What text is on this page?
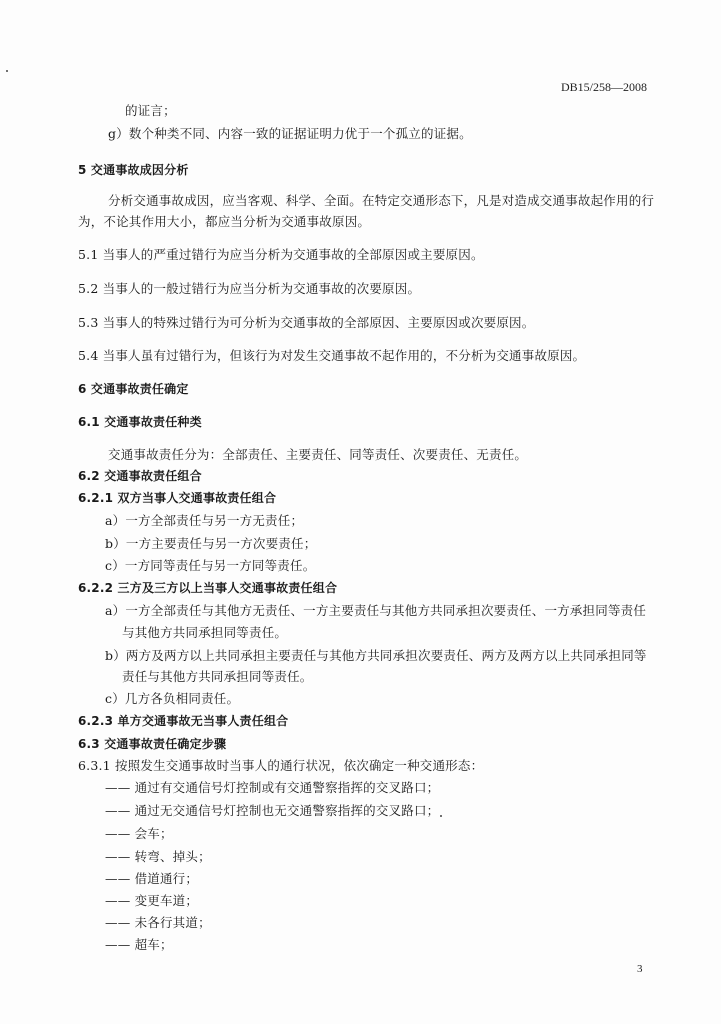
DB15/258—2008
的证言；
g）数个种类不同、内容一致的证据证明力优于一个孤立的证据。
5 交通事故成因分析
分析交通事故成因，应当客观、科学、全面。在特定交通形态下，凡是对造成交通事故起作用的行
为，不论其作用大小，都应当分析为交通事故原因。
5.1 当事人的严重过错行为应当分析为交通事故的全部原因或主要原因。
5.2 当事人的一般过错行为应当分析为交通事故的次要原因。
5.3 当事人的特殊过错行为可分析为交通事故的全部原因、主要原因或次要原因。
5.4 当事人虽有过错行为，但该行为对发生交通事故不起作用的，不分析为交通事故原因。
6 交通事故责任确定
6.1 交通事故责任种类
交通事故责任分为：全部责任、主要责任、同等责任、次要责任、无责任。
6.2 交通事故责任组合
6.2.1 双方当事人交通事故责任组合
a）一方全部责任与另一方无责任；
b）一方主要责任与另一方次要责任；
c）一方同等责任与另一方同等责任。
6.2.2 三方及三方以上当事人交通事故责任组合
a）一方全部责任与其他方无责任、一方主要责任与其他方共同承担次要责任、一方承担同等责任
与其他方共同承担同等责任。
b）两方及两方以上共同承担主要责任与其他方共同承担次要责任、两方及两方以上共同承担同等
责任与其他方共同承担同等责任。
c）几方各负相同责任。
6.2.3 单方交通事故无当事人责任组合
6.3 交通事故责任确定步骤
6.3.1 按照发生交通事故时当事人的通行状况，依次确定一种交通形态：
—— 通过有交通信号灯控制或有交通警察指挥的交叉路口；
—— 通过无交通信号灯控制也无交通警察指挥的交叉路口；
—— 会车；
—— 转弯、掉头；
—— 借道通行；
—— 变更车道；
—— 未各行其道；
—— 超车；
3
